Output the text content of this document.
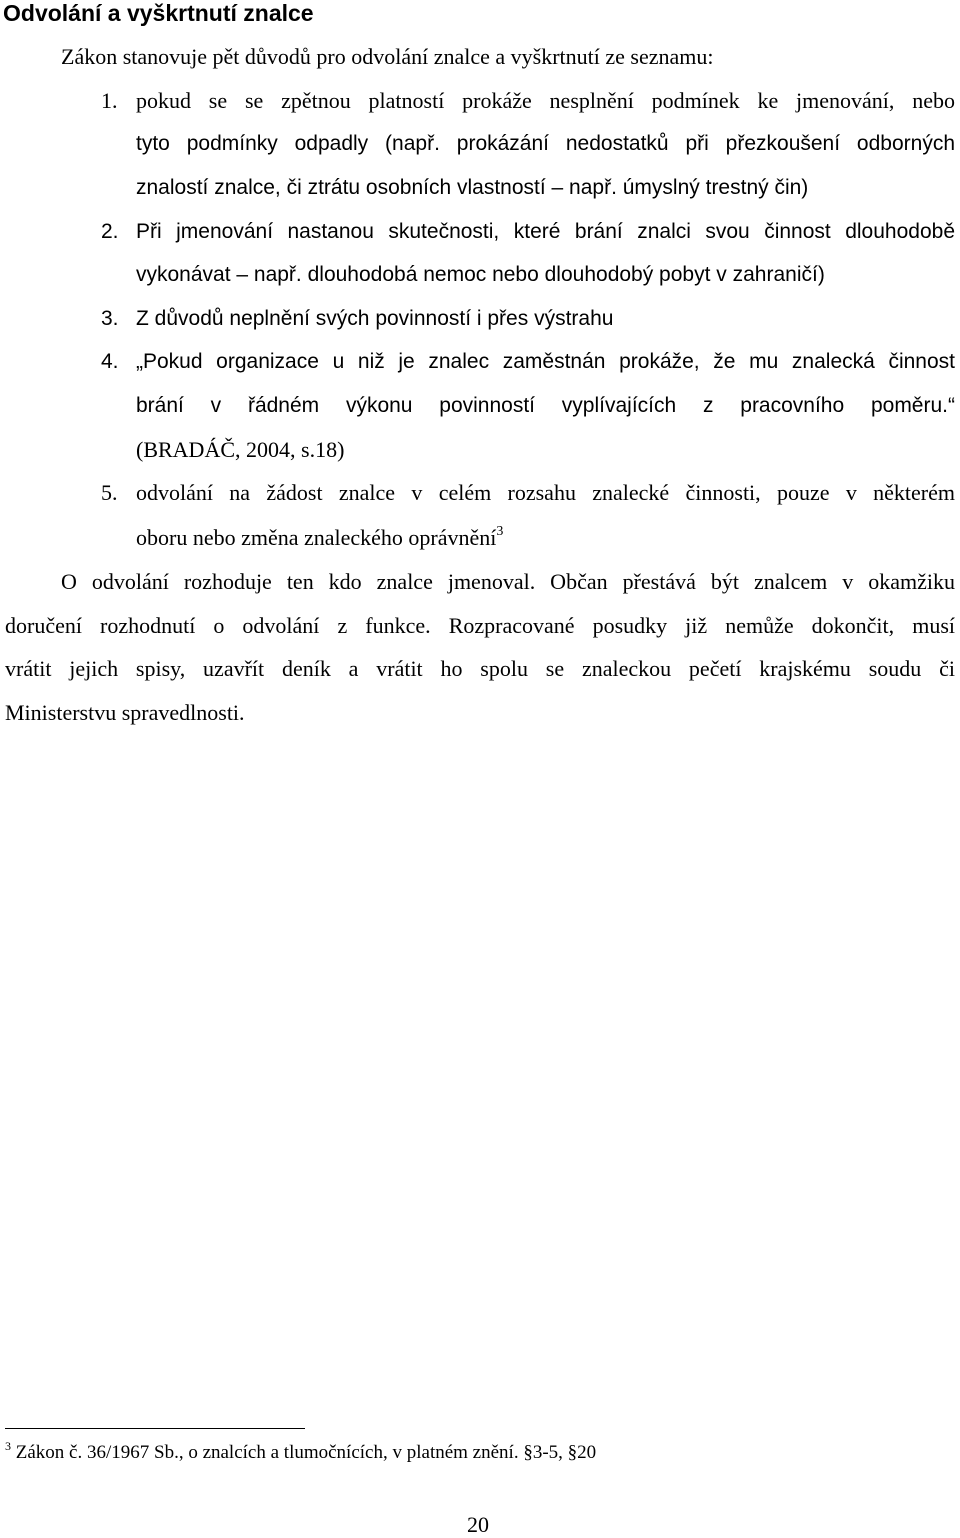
Odvolání a vyškrtnutí znalce
Zákon stanovuje pět důvodů pro odvolání znalce a vyškrtnutí ze seznamu:
1. pokud se se zpětnou platností prokáže nesplnění podmínek ke jmenování, nebo
tyto podmínky odpadly (např. prokázání nedostatků při přezkoušení odborných
znalostí znalce, či ztrátu osobních vlastností – např. úmyslný trestný čin)
2. Při jmenování nastanou skutečnosti, které brání znalci svou činnost dlouhodobě
vykonávat – např. dlouhodobá nemoc nebo dlouhodobý pobyt v zahraničí)
3. Z důvodů neplnění svých povinností i přes výstrahu
4. „Pokud organizace u niž je znalec zaměstnán prokáže, že mu znalecká činnost
brání v řádném výkonu povinností vyplívajících z pracovního poměru.“
(BRADÁČ, 2004, s.18)
5. odvolání na žádost znalce v celém rozsahu znalecké činnosti, pouze v některém
oboru nebo změna znaleckého oprávnění$^3$
O odvolání rozhoduje ten kdo znalce jmenoval. Občan přestává být znalcem v okamžiku
doručení rozhodnutí o odvolání z funkce. Rozpracované posudky již nemůže dokončit, musí
vrátit jejich spisy, uzavřít deník a vrátit ho spolu se znaleckou pečetí krajskému soudu či
Ministerstvu spravedlnosti.
$^3$ Zákon č. 36/1967 Sb., o znalcích a tlumočnících, v platném znění. §3-5, §20
20
